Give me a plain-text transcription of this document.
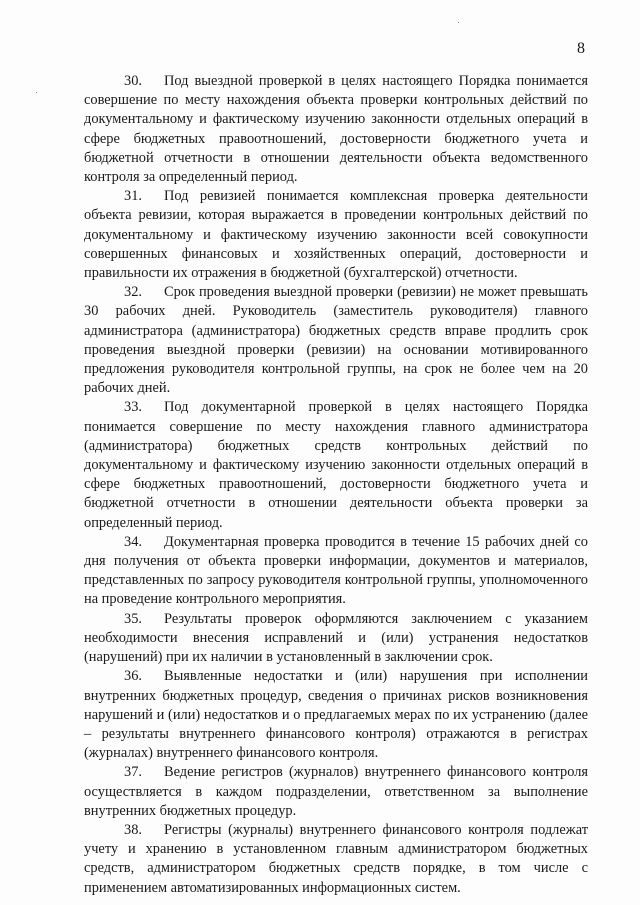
8

30. Под выездной проверкой в целях настоящего Порядка понимается совершение по месту нахождения объекта проверки контрольных действий по документальному и фактическому изучению законности отдельных операций в сфере бюджетных правоотношений, достоверности бюджетного учета и бюджетной отчетности в отношении деятельности объекта ведомственного контроля за определенный период.

31. Под ревизией понимается комплексная проверка деятельности объекта ревизии, которая выражается в проведении контрольных действий по документальному и фактическому изучению законности всей совокупности совершенных финансовых и хозяйственных операций, достоверности и правильности их отражения в бюджетной (бухгалтерской) отчетности.

32. Срок проведения выездной проверки (ревизии) не может превышать 30 рабочих дней. Руководитель (заместитель руководителя) главного администратора (администратора) бюджетных средств вправе продлить срок проведения выездной проверки (ревизии) на основании мотивированного предложения руководителя контрольной группы, на срок не более чем на 20 рабочих дней.

33. Под документарной проверкой в целях настоящего Порядка понимается совершение по месту нахождения главного администратора (администратора) бюджетных средств контрольных действий по документальному и фактическому изучению законности отдельных операций в сфере бюджетных правоотношений, достоверности бюджетного учета и бюджетной отчетности в отношении деятельности объекта проверки за определенный период.

34. Документарная проверка проводится в течение 15 рабочих дней со дня получения от объекта проверки информации, документов и материалов, представленных по запросу руководителя контрольной группы, уполномоченного на проведение контрольного мероприятия.

35. Результаты проверок оформляются заключением с указанием необходимости внесения исправлений и (или) устранения недостатков (нарушений) при их наличии в установленный в заключении срок.

36. Выявленные недостатки и (или) нарушения при исполнении внутренних бюджетных процедур, сведения о причинах рисков возникновения нарушений и (или) недостатков и о предлагаемых мерах по их устранению (далее – результаты внутреннего финансового контроля) отражаются в регистрах (журналах) внутреннего финансового контроля.

37. Ведение регистров (журналов) внутреннего финансового контроля осуществляется в каждом подразделении, ответственном за выполнение внутренних бюджетных процедур.

38. Регистры (журналы) внутреннего финансового контроля подлежат учету и хранению в установленном главным администратором бюджетных средств, администратором бюджетных средств порядке, в том числе с применением автоматизированных информационных систем.
